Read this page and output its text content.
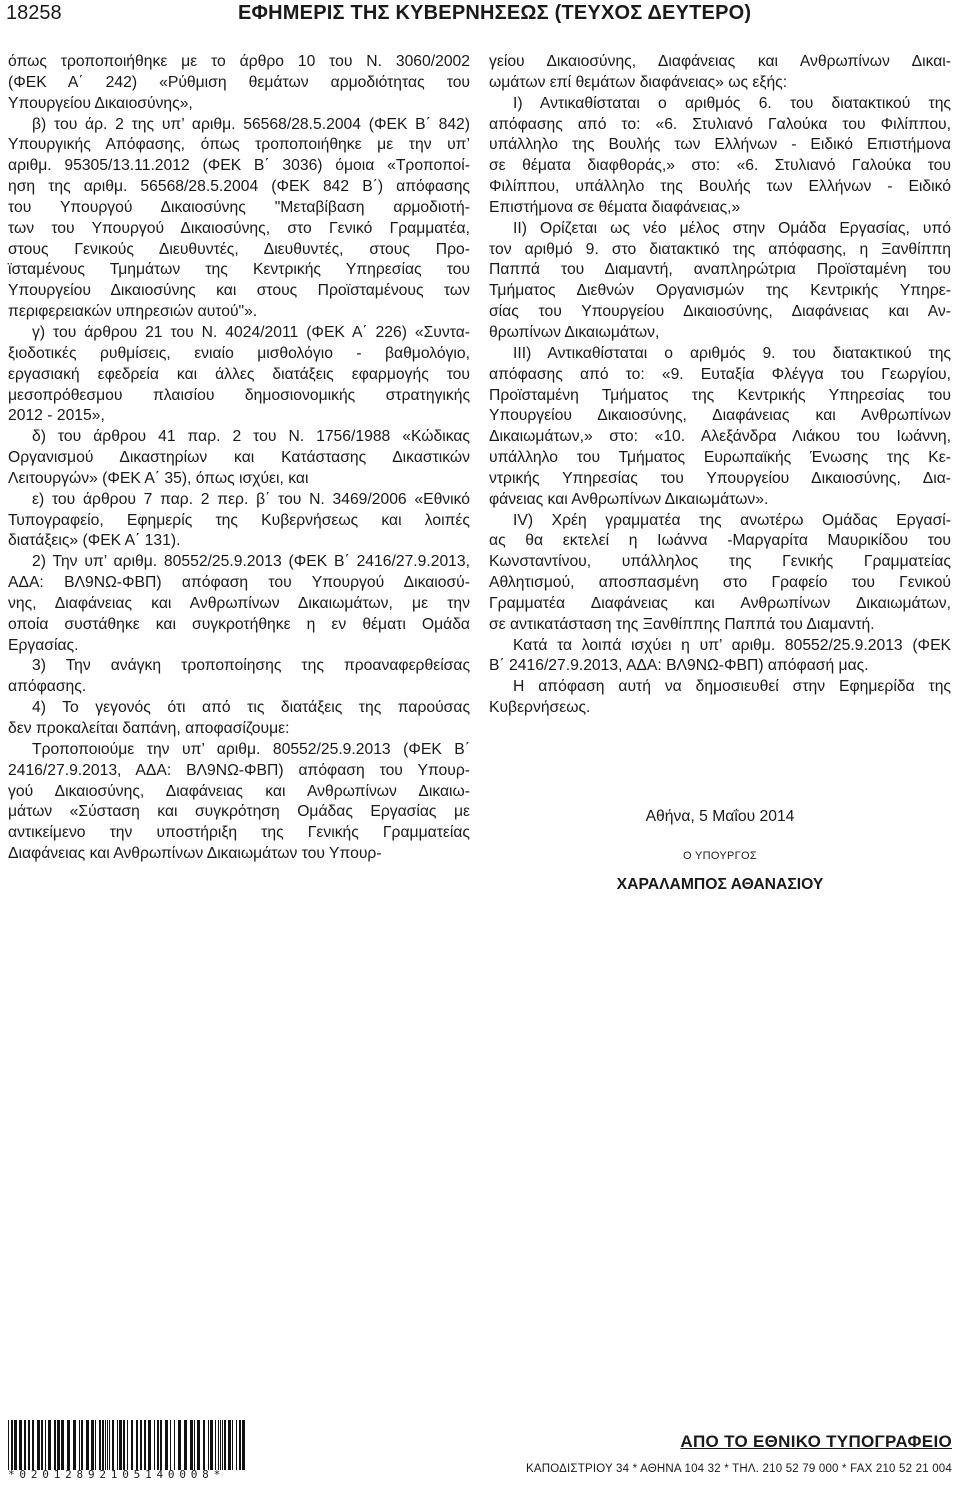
18258	ΕΦΗΜΕΡΙΣ ΤΗΣ ΚΥΒΕΡΝΗΣΕΩΣ (ΤΕΥΧΟΣ ΔΕΥΤΕΡΟ)
όπως τροποποιήθηκε με το άρθρο 10 του Ν. 3060/2002
(ΦΕΚ Α΄ 242) «Ρύθμιση θεμάτων αρμοδιότητας του
Υπουργείου Δικαιοσύνης»,
β) του άρ. 2 της υπ’ αριθμ. 56568/28.5.2004 (ΦΕΚ Β΄ 842)
Υπουργικής Απόφασης, όπως τροποποιήθηκε με την υπ’
αριθμ. 95305/13.11.2012 (ΦΕΚ Β΄ 3036) όμοια «Τροποποί-
ηση της αριθμ. 56568/28.5.2004 (ΦΕΚ 842 Β΄) απόφασης
του Υπουργού Δικαιοσύνης "Μεταβίβαση αρμοδιοτή-
των του Υπουργού Δικαιοσύνης, στο Γενικό Γραμματέα,
στους Γενικούς Διευθυντές, Διευθυντές, στους Προ-
ϊσταμένους Τμημάτων της Κεντρικής Υπηρεσίας του
Υπουργείου Δικαιοσύνης και στους Προϊσταμένους των
περιφερειακών υπηρεσιών αυτού"».
γ) του άρθρου 21 του Ν. 4024/2011 (ΦΕΚ Α΄ 226) «Συντα-
ξιοδοτικές ρυθμίσεις, ενιαίο μισθολόγιο - βαθμολόγιο,
εργασιακή εφεδρεία και άλλες διατάξεις εφαρμογής του
μεσοπρόθεσμου πλαισίου δημοσιονομικής στρατηγικής
2012 - 2015»,
δ) του άρθρου 41 παρ. 2 του Ν. 1756/1988 «Κώδικας
Οργανισμού Δικαστηρίων και Κατάστασης Δικαστικών
Λειτουργών» (ΦΕΚ Α΄ 35), όπως ισχύει, και
ε) του άρθρου 7 παρ. 2 περ. β΄ του Ν. 3469/2006 «Εθνικό
Τυπογραφείο, Εφημερίς της Κυβερνήσεως και λοιπές
διατάξεις» (ΦΕΚ Α΄ 131).
2) Την υπ’ αριθμ. 80552/25.9.2013 (ΦΕΚ Β΄ 2416/27.9.2013,
ΑΔΑ: ΒΛ9ΝΩ-ΦΒΠ) απόφαση του Υπουργού Δικαιοσύ-
νης, Διαφάνειας και Ανθρωπίνων Δικαιωμάτων, με την
οποία συστάθηκε και συγκροτήθηκε η εν θέματι Ομάδα
Εργασίας.
3) Την ανάγκη τροποποίησης της προαναφερθείσας
απόφασης.
4) Το γεγονός ότι από τις διατάξεις της παρούσας
δεν προκαλείται δαπάνη, αποφασίζουμε:
Τροποποιούμε την υπ’ αριθμ. 80552/25.9.2013 (ΦΕΚ Β΄
2416/27.9.2013, ΑΔΑ: ΒΛ9ΝΩ-ΦΒΠ) απόφαση του Υπουρ-
γού Δικαιοσύνης, Διαφάνειας και Ανθρωπίνων Δικαιω-
μάτων «Σύσταση και συγκρότηση Ομάδας Εργασίας με
αντικείμενο την υποστήριξη της Γενικής Γραμματείας
Διαφάνειας και Ανθρωπίνων Δικαιωμάτων του Υπουρ-
γείου Δικαιοσύνης, Διαφάνειας και Ανθρωπίνων Δικαι-
ωμάτων επί θεμάτων διαφάνειας» ως εξής:
Ι) Αντικαθίσταται ο αριθμός 6. του διατακτικού της
απόφασης από το: «6. Στυλιανό Γαλούκα του Φιλίππου,
υπάλληλο της Βουλής των Ελλήνων - Ειδικό Επιστήμονα
σε θέματα διαφθοράς,» στο: «6. Στυλιανό Γαλούκα του
Φιλίππου, υπάλληλο της Βουλής των Ελλήνων - Ειδικό
Επιστήμονα σε θέματα διαφάνειας,»
ΙΙ) Ορίζεται ως νέο μέλος στην Ομάδα Εργασίας, υπό
τον αριθμό 9. στο διατακτικό της απόφασης, η Ξανθίππη
Παππά του Διαμαντή, αναπληρώτρια Προϊσταμένη του
Τμήματος Διεθνών Οργανισμών της Κεντρικής Υπηρε-
σίας του Υπουργείου Δικαιοσύνης, Διαφάνειας και Αν-
θρωπίνων Δικαιωμάτων,
ΙΙΙ) Αντικαθίσταται ο αριθμός 9. του διατακτικού της
απόφασης από το: «9. Ευταξία Φλέγγα του Γεωργίου,
Προϊσταμένη Τμήματος της Κεντρικής Υπηρεσίας του
Υπουργείου Δικαιοσύνης, Διαφάνειας και Ανθρωπίνων
Δικαιωμάτων,» στο: «10. Αλεξάνδρα Λιάκου του Ιωάννη,
υπάλληλο του Τμήματος Ευρωπαϊκής Ένωσης της Κε-
ντρικής Υπηρεσίας του Υπουργείου Δικαιοσύνης, Δια-
φάνειας και Ανθρωπίνων Δικαιωμάτων».
ΙV) Χρέη γραμματέα της ανωτέρω Ομάδας Εργασί-
ας θα εκτελεί η Ιωάννα -Μαργαρίτα Μαυρικίδου του
Κωνσταντίνου, υπάλληλος της Γενικής Γραμματείας
Αθλητισμού, αποσπασμένη στο Γραφείο του Γενικού
Γραμματέα Διαφάνειας και Ανθρωπίνων Δικαιωμάτων,
σε αντικατάσταση της Ξανθίππης Παππά του Διαμαντή.
Κατά τα λοιπά ισχύει η υπ’ αριθμ. 80552/25.9.2013 (ΦΕΚ
Β΄ 2416/27.9.2013, ΑΔΑ: ΒΛ9ΝΩ-ΦΒΠ) απόφασή μας.
Η απόφαση αυτή να δημοσιευθεί στην Εφημερίδα της
Κυβερνήσεως.
Αθήνα, 5 Μαΐου 2014
Ο ΥΠΟΥΡΓΟΣ
ΧΑΡΑΛΑΜΠΟΣ ΑΘΑΝΑΣΙΟΥ
*02012892105140008*
ΑΠΟ ΤΟ ΕΘΝΙΚΟ ΤΥΠΟΓΡΑΦΕΙΟ
ΚΑΠΟΔΙΣΤΡΙΟΥ 34 * ΑΘΗΝΑ 104 32 * ΤΗΛ. 210 52 79 000 * FAX 210 52 21 004
